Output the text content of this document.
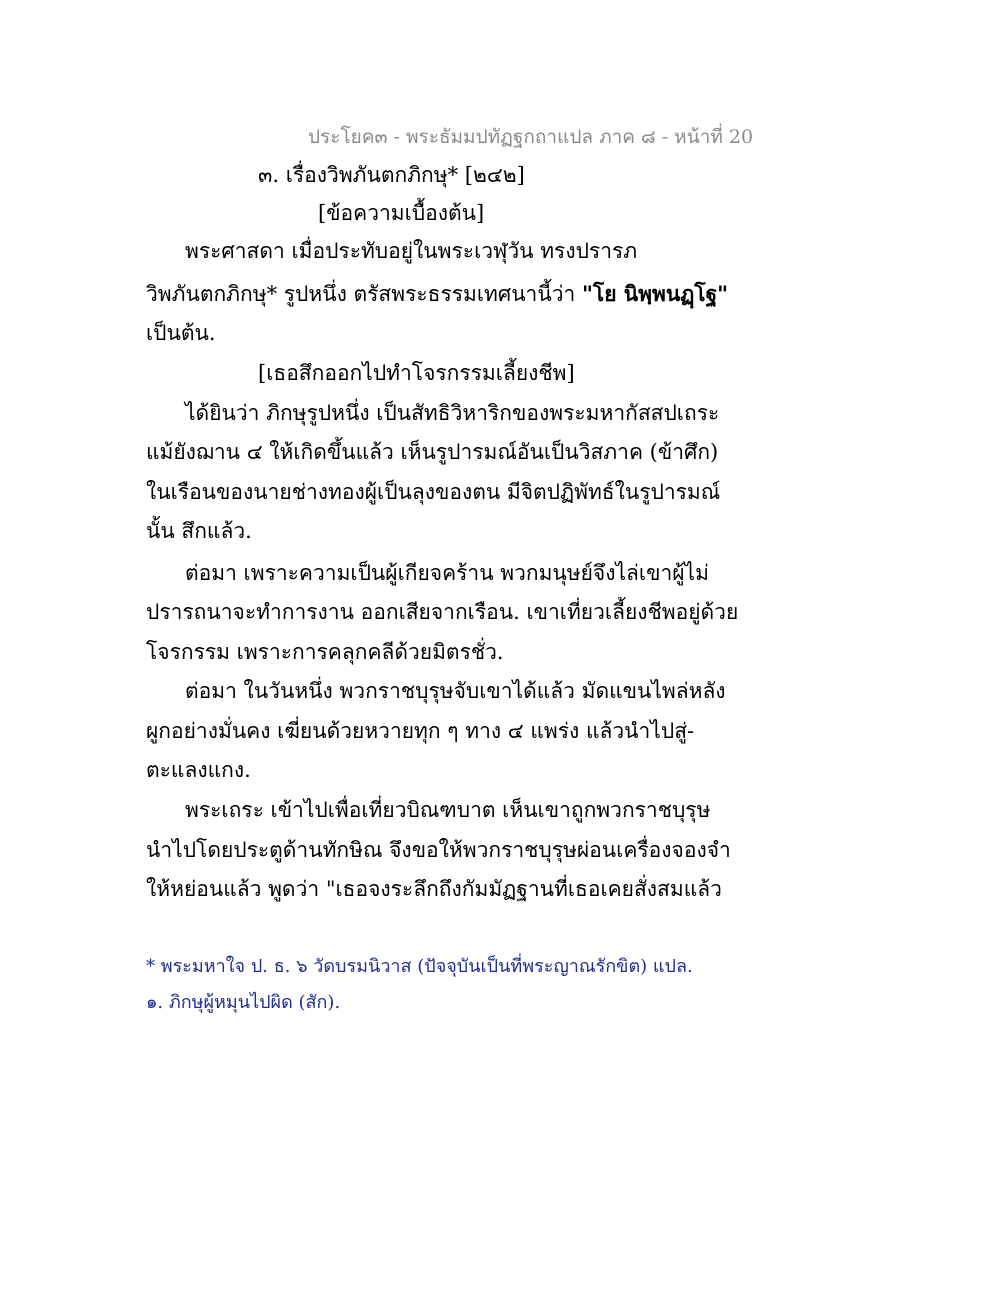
ประโยค๓ - พระธัมมปทัฏฐกถาแปล ภาค ๘ - หน้าที่ 20
๓. เรื่องวิพภันตกภิกษุ* [๒๔๒]
[ข้อความเบื้องต้น]
พระศาสดา เมื่อประทับอยู่ในพระเวฬุวัน ทรงปรารภ
วิพภันตกภิกษุ* รูปหนึ่ง ตรัสพระธรรมเทศนานี้ว่า "โย นิพฺพนฏฺโฐ"
เป็นต้น.
[เธอสึกออกไปทำโจรกรรมเลี้ยงชีพ]
ได้ยินว่า ภิกษุรูปหนึ่ง เป็นสัทธิวิหาริกของพระมหากัสสปเถระ
แม้ยังฌาน ๔ ให้เกิดขึ้นแล้ว เห็นรูปารมณ์อันเป็นวิสภาค (ข้าศึก)
ในเรือนของนายช่างทองผู้เป็นลุงของตน มีจิตปฏิพัทธ์ในรูปารมณ์
นั้น สึกแล้ว.
ต่อมา เพราะความเป็นผู้เกียจคร้าน พวกมนุษย์จึงไล่เขาผู้ไม่
ปรารถนาจะทำการงาน ออกเสียจากเรือน. เขาเที่ยวเลี้ยงชีพอยู่ด้วย
โจรกรรม เพราะการคลุกคลีด้วยมิตรชั่ว.
ต่อมา ในวันหนึ่ง พวกราชบุรุษจับเขาได้แล้ว มัดแขนไพล่หลัง
ผูกอย่างมั่นคง เฆี่ยนด้วยหวายทุก ๆ ทาง ๔ แพร่ง แล้วนำไปสู่-
ตะแลงแกง.
พระเถระ เข้าไปเพื่อเที่ยวบิณฑบาต เห็นเขาถูกพวกราชบุรุษ
นำไปโดยประตูด้านทักษิณ จึงขอให้พวกราชบุรุษผ่อนเครื่องจองจำ
ให้หย่อนแล้ว พูดว่า "เธอจงระลึกถึงกัมมัฏฐานที่เธอเคยสั่งสมแล้ว
* พระมหาใจ ป. ธ. ๖ วัดบรมนิวาส (ปัจจุบันเป็นที่พระญาณรักขิต) แปล.
๑. ภิกษุผู้หมุนไปผิด (สัก).
